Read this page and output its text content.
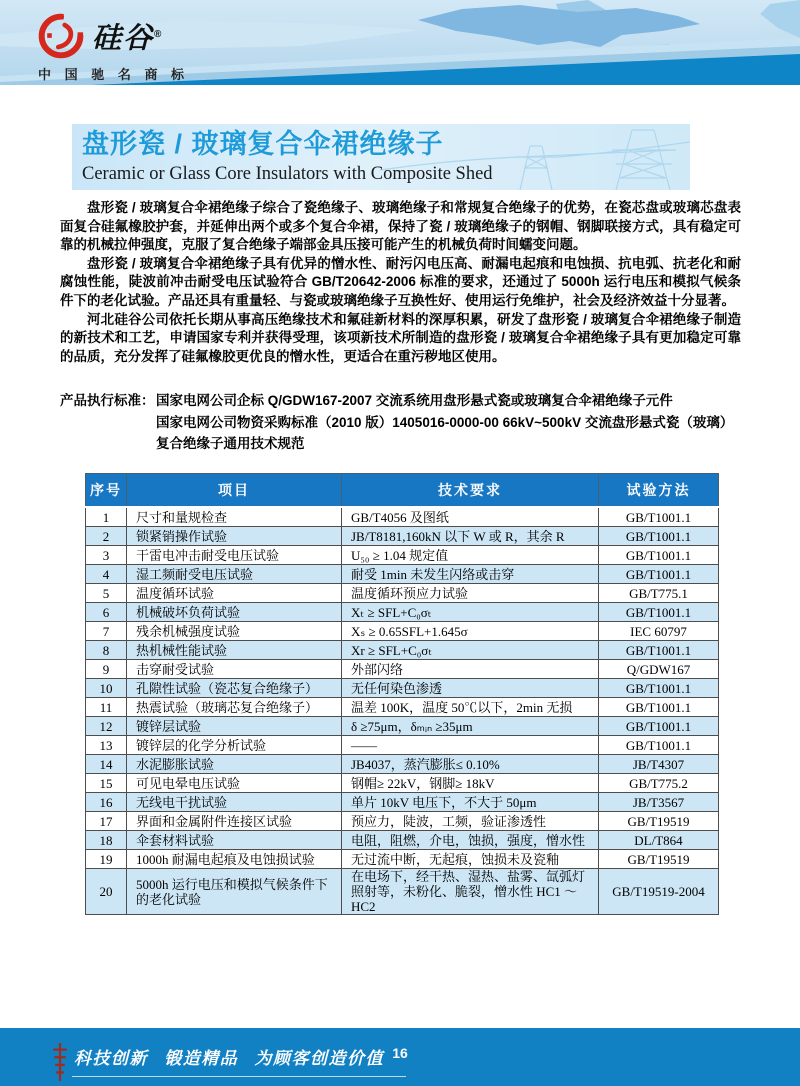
硅谷®
中 国 驰 名 商 标
盘形瓷 / 玻璃复合伞裙绝缘子
Ceramic or Glass Core Insulators with Composite Shed

盘形瓷 / 玻璃复合伞裙绝缘子综合了瓷绝缘子、玻璃绝缘子和常规复合绝缘子的优势，在瓷芯盘或玻璃芯盘表面复合硅氟橡胶护套，并延伸出两个或多个复合伞裙，保持了瓷 / 玻璃绝缘子的钢帽、钢脚联接方式，具有稳定可靠的机械拉伸强度，克服了复合绝缘子端部金具压接可能产生的机械负荷时间蠕变问题。

盘形瓷 / 玻璃复合伞裙绝缘子具有优异的憎水性、耐污闪电压高、耐漏电起痕和电蚀损、抗电弧、抗老化和耐腐蚀性能，陡波前冲击耐受电压试验符合 GB/T20642-2006 标准的要求，还通过了 5000h 运行电压和模拟气候条件下的老化试验。产品还具有重量轻、与瓷或玻璃绝缘子互换性好、使用运行免维护，社会及经济效益十分显著。

河北硅谷公司依托长期从事高压绝缘技术和氟硅新材料的深厚积累，研发了盘形瓷 / 玻璃复合伞裙绝缘子制造的新技术和工艺，申请国家专利并获得受理，该项新技术所制造的盘形瓷 / 玻璃复合伞裙绝缘子具有更加稳定可靠的品质，充分发挥了硅氟橡胶更优良的憎水性，更适合在重污秽地区使用。

产品执行标准： 国家电网公司企标 Q/GDW167-2007 交流系统用盘形悬式瓷或玻璃复合伞裙绝缘子元件
国家电网公司物资采购标准（2010 版）1405016-0000-00 66kV~500kV 交流盘形悬式瓷（玻璃）
复合绝缘子通用技术规范
序号	项目	技术要求	试验方法
1	尺寸和量规检查	GB/T4056 及图纸	GB/T1001.1
2	锁紧销操作试验	JB/T8181,160kN 以下 W 或 R，其余 R	GB/T1001.1
3	干雷电冲击耐受电压试验	U₅₀ ≥ 1.04 规定值	GB/T1001.1
4	湿工频耐受电压试验	耐受 1min 未发生闪络或击穿	GB/T1001.1
5	温度循环试验	温度循环预应力试验	GB/T775.1
6	机械破坏负荷试验	Xₜ ≥ SFL+C₀σₜ	GB/T1001.1
7	残余机械强度试验	Xₛ ≥ 0.65SFL+1.645σ	IEC 60797
8	热机械性能试验	Xr ≥ SFL+C₀σₜ	GB/T1001.1
9	击穿耐受试验	外部闪络	Q/GDW167
10	孔隙性试验（瓷芯复合绝缘子）	无任何染色渗透	GB/T1001.1
11	热震试验（玻璃芯复合绝缘子）	温差 100K，温度 50℃以下，2min 无损	GB/T1001.1
12	镀锌层试验	δ ≥75μm，δₘᵢₙ ≥35μm	GB/T1001.1
13	镀锌层的化学分析试验	——	GB/T1001.1
14	水泥膨胀试验	JB4037，蒸汽膨胀≤ 0.10%	JB/T4307
15	可见电晕电压试验	钢帽≥ 22kV，钢脚≥ 18kV	GB/T775.2
16	无线电干扰试验	单片 10kV 电压下，不大于 50μm	JB/T3567
17	界面和金属附件连接区试验	预应力，陡波，工频，验证渗透性	GB/T19519
18	伞套材料试验	电阻，阻燃，介电，蚀损，强度，憎水性	DL/T864
19	1000h 耐漏电起痕及电蚀损试验	无过流中断，无起痕，蚀损未及瓷釉	GB/T19519
20	5000h 运行电压和模拟气候条件下的老化试验	在电场下，经干热、湿热、盐雾、氙弧灯照射等，未粉化、脆裂，憎水性 HC1 ～ HC2	GB/T19519-2004
科技创新 锻造精品 为顾客创造价值 16
